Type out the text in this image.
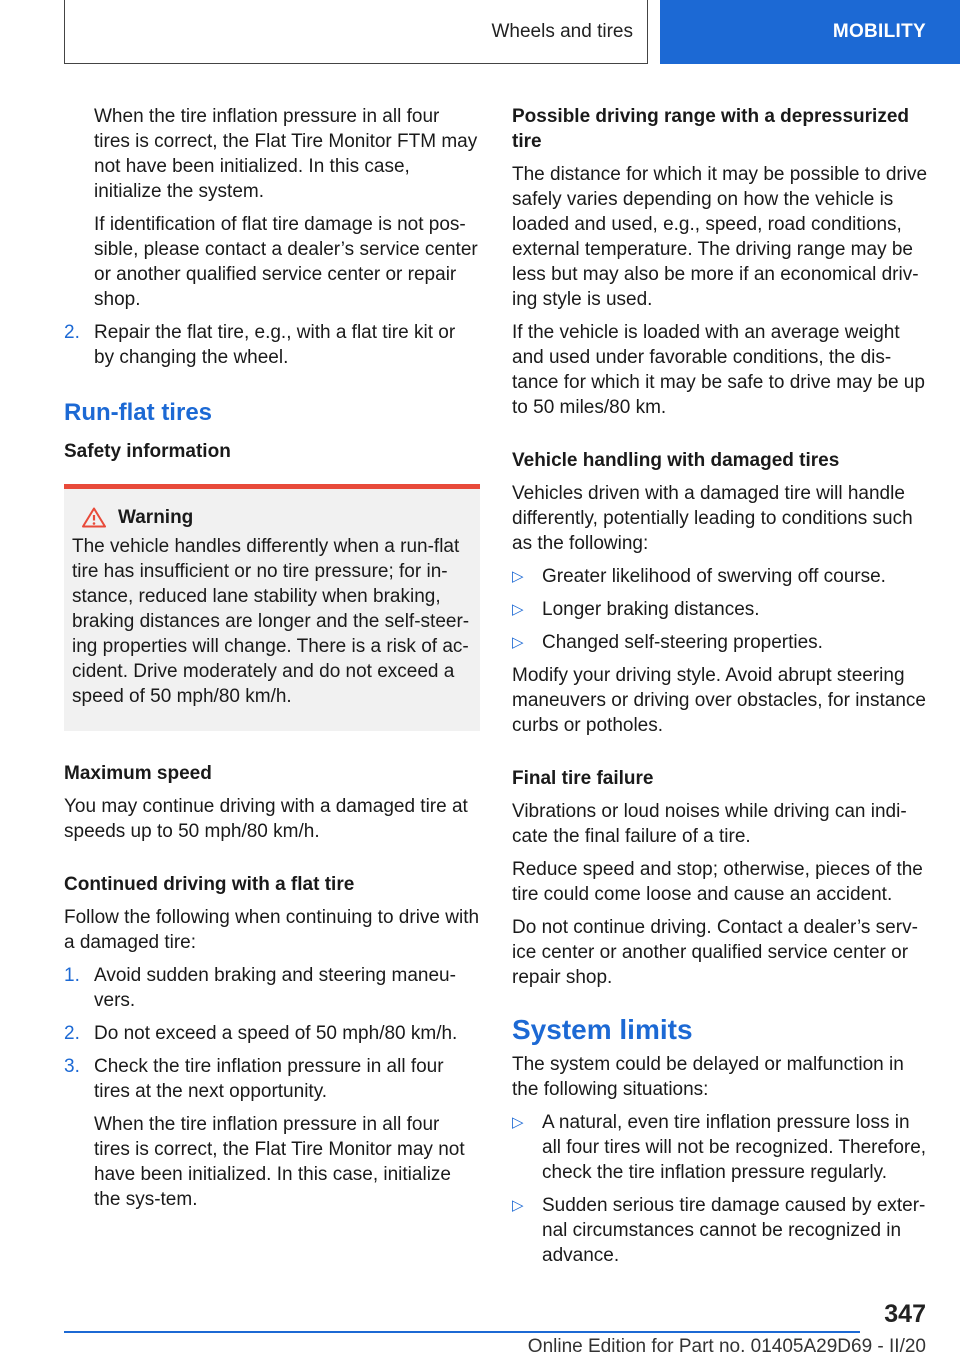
Wheels and tires	MOBILITY

When the tire inflation pressure in all four tires is correct, the Flat Tire Monitor FTM may not have been initialized. In this case, initialize the system.

If identification of flat tire damage is not pos-sible, please contact a dealer’s service center or another qualified service center or repair shop.

2. Repair the flat tire, e.g., with a flat tire kit or by changing the wheel.
Run-flat tires
Safety information
Warning

The vehicle handles differently when a run-flat tire has insufficient or no tire pressure; for in-stance, reduced lane stability when braking, braking distances are longer and the self-steer-ing properties will change. There is a risk of ac-cident. Drive moderately and do not exceed a speed of 50 mph/80 km/h.

Maximum speed

You may continue driving with a damaged tire at speeds up to 50 mph/80 km/h.

Continued driving with a flat tire

Follow the following when continuing to drive with a damaged tire:

1. Avoid sudden braking and steering maneu-vers.
2. Do not exceed a speed of 50 mph/80 km/h.
3. Check the tire inflation pressure in all four tires at the next opportunity.

When the tire inflation pressure in all four tires is correct, the Flat Tire Monitor may not have been initialized. In this case, initialize the sys-tem.

Possible driving range with a depressurized tire

The distance for which it may be possible to drive safely varies depending on how the vehicle is loaded and used, e.g., speed, road conditions, external temperature. The driving range may be less but may also be more if an economical driv-ing style is used.

If the vehicle is loaded with an average weight and used under favorable conditions, the dis-tance for which it may be safe to drive may be up to 50 miles/80 km.

Vehicle handling with damaged tires

Vehicles driven with a damaged tire will handle differently, potentially leading to conditions such as the following:

▷ Greater likelihood of swerving off course.
▷ Longer braking distances.
▷ Changed self-steering properties.

Modify your driving style. Avoid abrupt steering maneuvers or driving over obstacles, for instance curbs or potholes.

Final tire failure

Vibrations or loud noises while driving can indi-cate the final failure of a tire.

Reduce speed and stop; otherwise, pieces of the tire could come loose and cause an accident.

Do not continue driving. Contact a dealer’s serv-ice center or another qualified service center or repair shop.

System limits

The system could be delayed or malfunction in the following situations:

▷ A natural, even tire inflation pressure loss in all four tires will not be recognized. Therefore, check the tire inflation pressure regularly.
▷ Sudden serious tire damage caused by exter-nal circumstances cannot be recognized in advance.
347
Online Edition for Part no. 01405A29D69 - II/20
